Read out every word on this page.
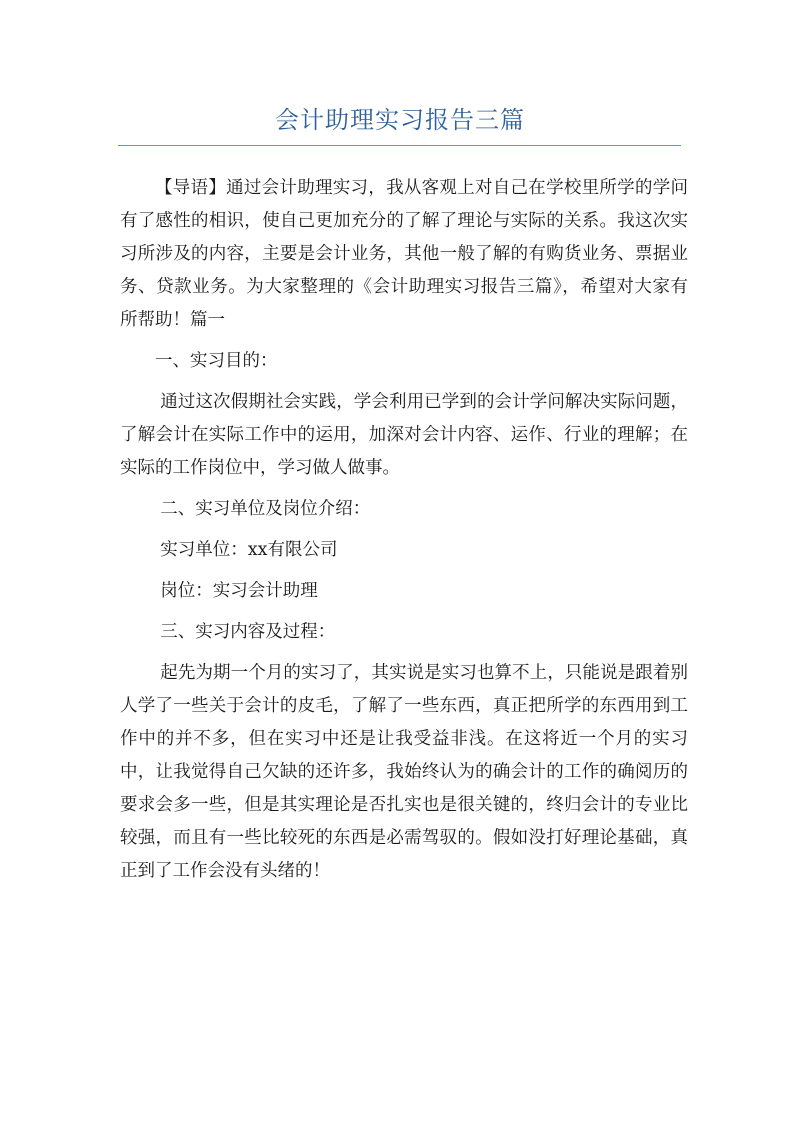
会计助理实习报告三篇

【导语】通过会计助理实习，我从客观上对自己在学校里所学的学问有了感性的相识，使自己更加充分的了解了理论与实际的关系。我这次实习所涉及的内容，主要是会计业务，其他一般了解的有购货业务、票据业务、贷款业务。为大家整理的《会计助理实习报告三篇》，希望对大家有所帮助！篇一

一、实习目的：

通过这次假期社会实践，学会利用已学到的会计学问解决实际问题，了解会计在实际工作中的运用，加深对会计内容、运作、行业的理解；在实际的工作岗位中，学习做人做事。

二、实习单位及岗位介绍：

实习单位：xx有限公司

岗位：实习会计助理

三、实习内容及过程：

起先为期一个月的实习了，其实说是实习也算不上，只能说是跟着别人学了一些关于会计的皮毛，了解了一些东西，真正把所学的东西用到工作中的并不多，但在实习中还是让我受益非浅。在这将近一个月的实习中，让我觉得自己欠缺的还许多，我始终认为的确会计的工作的确阅历的要求会多一些，但是其实理论是否扎实也是很关键的，终归会计的专业比较强，而且有一些比较死的东西是必需驾驭的。假如没打好理论基础，真正到了工作会没有头绪的！
